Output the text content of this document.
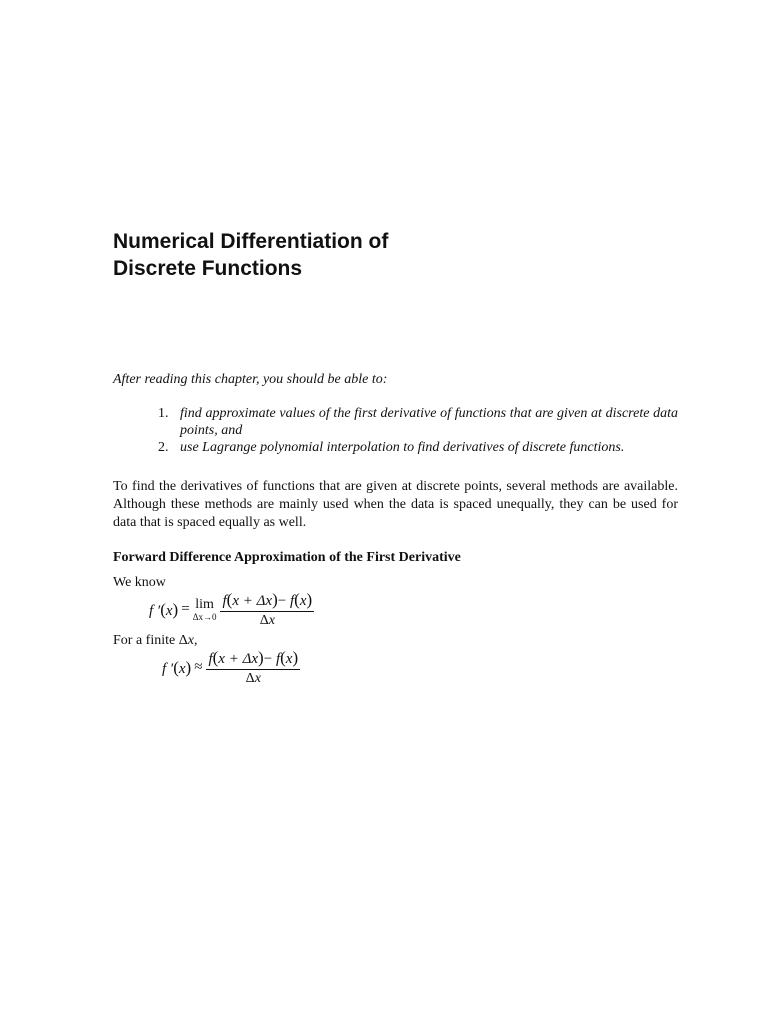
Numerical Differentiation of
Discrete Functions
After reading this chapter, you should be able to:
1. find approximate values of the first derivative of functions that are given at discrete data points, and
2. use Lagrange polynomial interpolation to find derivatives of discrete functions.

To find the derivatives of functions that are given at discrete points, several methods are available. Although these methods are mainly used when the data is spaced unequally, they can be used for data that is spaced equally as well.

Forward Difference Approximation of the First Derivative
We know
f ′(x) = lim
$\Delta x\to 0 \frac{f(x + \Delta x)- f(x)}{\Delta x}$
For a finite Δx,
f $'(x) \approx \frac{f(x + \Delta x)- f(x)}{\Delta x}$
